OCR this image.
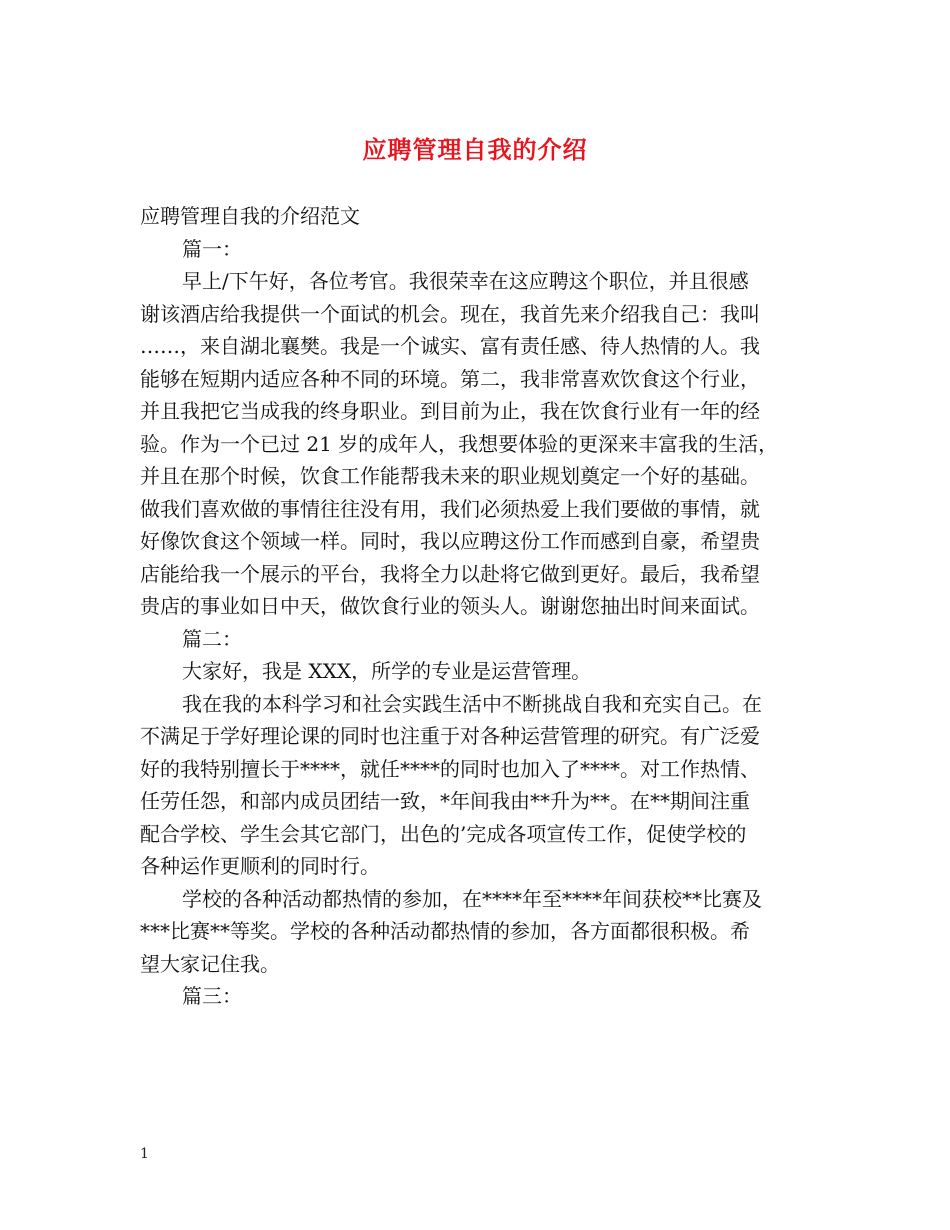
应聘管理自我的介绍

应聘管理自我的介绍范文

篇一：

早上/下午好，各位考官。我很荣幸在这应聘这个职位，并且很感

谢该酒店给我提供一个面试的机会。现在，我首先来介绍我自己：我叫

……，来自湖北襄樊。我是一个诚实、富有责任感、待人热情的人。我

能够在短期内适应各种不同的环境。第二，我非常喜欢饮食这个行业，

并且我把它当成我的终身职业。到目前为止，我在饮食行业有一年的经

验。作为一个已过 21 岁的成年人，我想要体验的更深来丰富我的生活，

并且在那个时候，饮食工作能帮我未来的职业规划奠定一个好的基础。

做我们喜欢做的事情往往没有用，我们必须热爱上我们要做的事情，就

好像饮食这个领域一样。同时，我以应聘这份工作而感到自豪，希望贵

店能给我一个展示的平台，我将全力以赴将它做到更好。最后，我希望

贵店的事业如日中天，做饮食行业的领头人。谢谢您抽出时间来面试。

篇二：

大家好，我是 XXX，所学的专业是运营管理。

我在我的本科学习和社会实践生活中不断挑战自我和充实自己。在

不满足于学好理论课的同时也注重于对各种运营管理的研究。有广泛爱

好的我特别擅长于****，就任****的同时也加入了****。对工作热情、

任劳任怨，和部内成员团结一致，*年间我由**升为**。在**期间注重

配合学校、学生会其它部门，出色的’完成各项宣传工作，促使学校的

各种运作更顺利的同时行。

学校的各种活动都热情的参加，在****年至****年间获校**比赛及

***比赛**等奖。学校的各种活动都热情的参加，各方面都很积极。希

望大家记住我。

篇三：

1
